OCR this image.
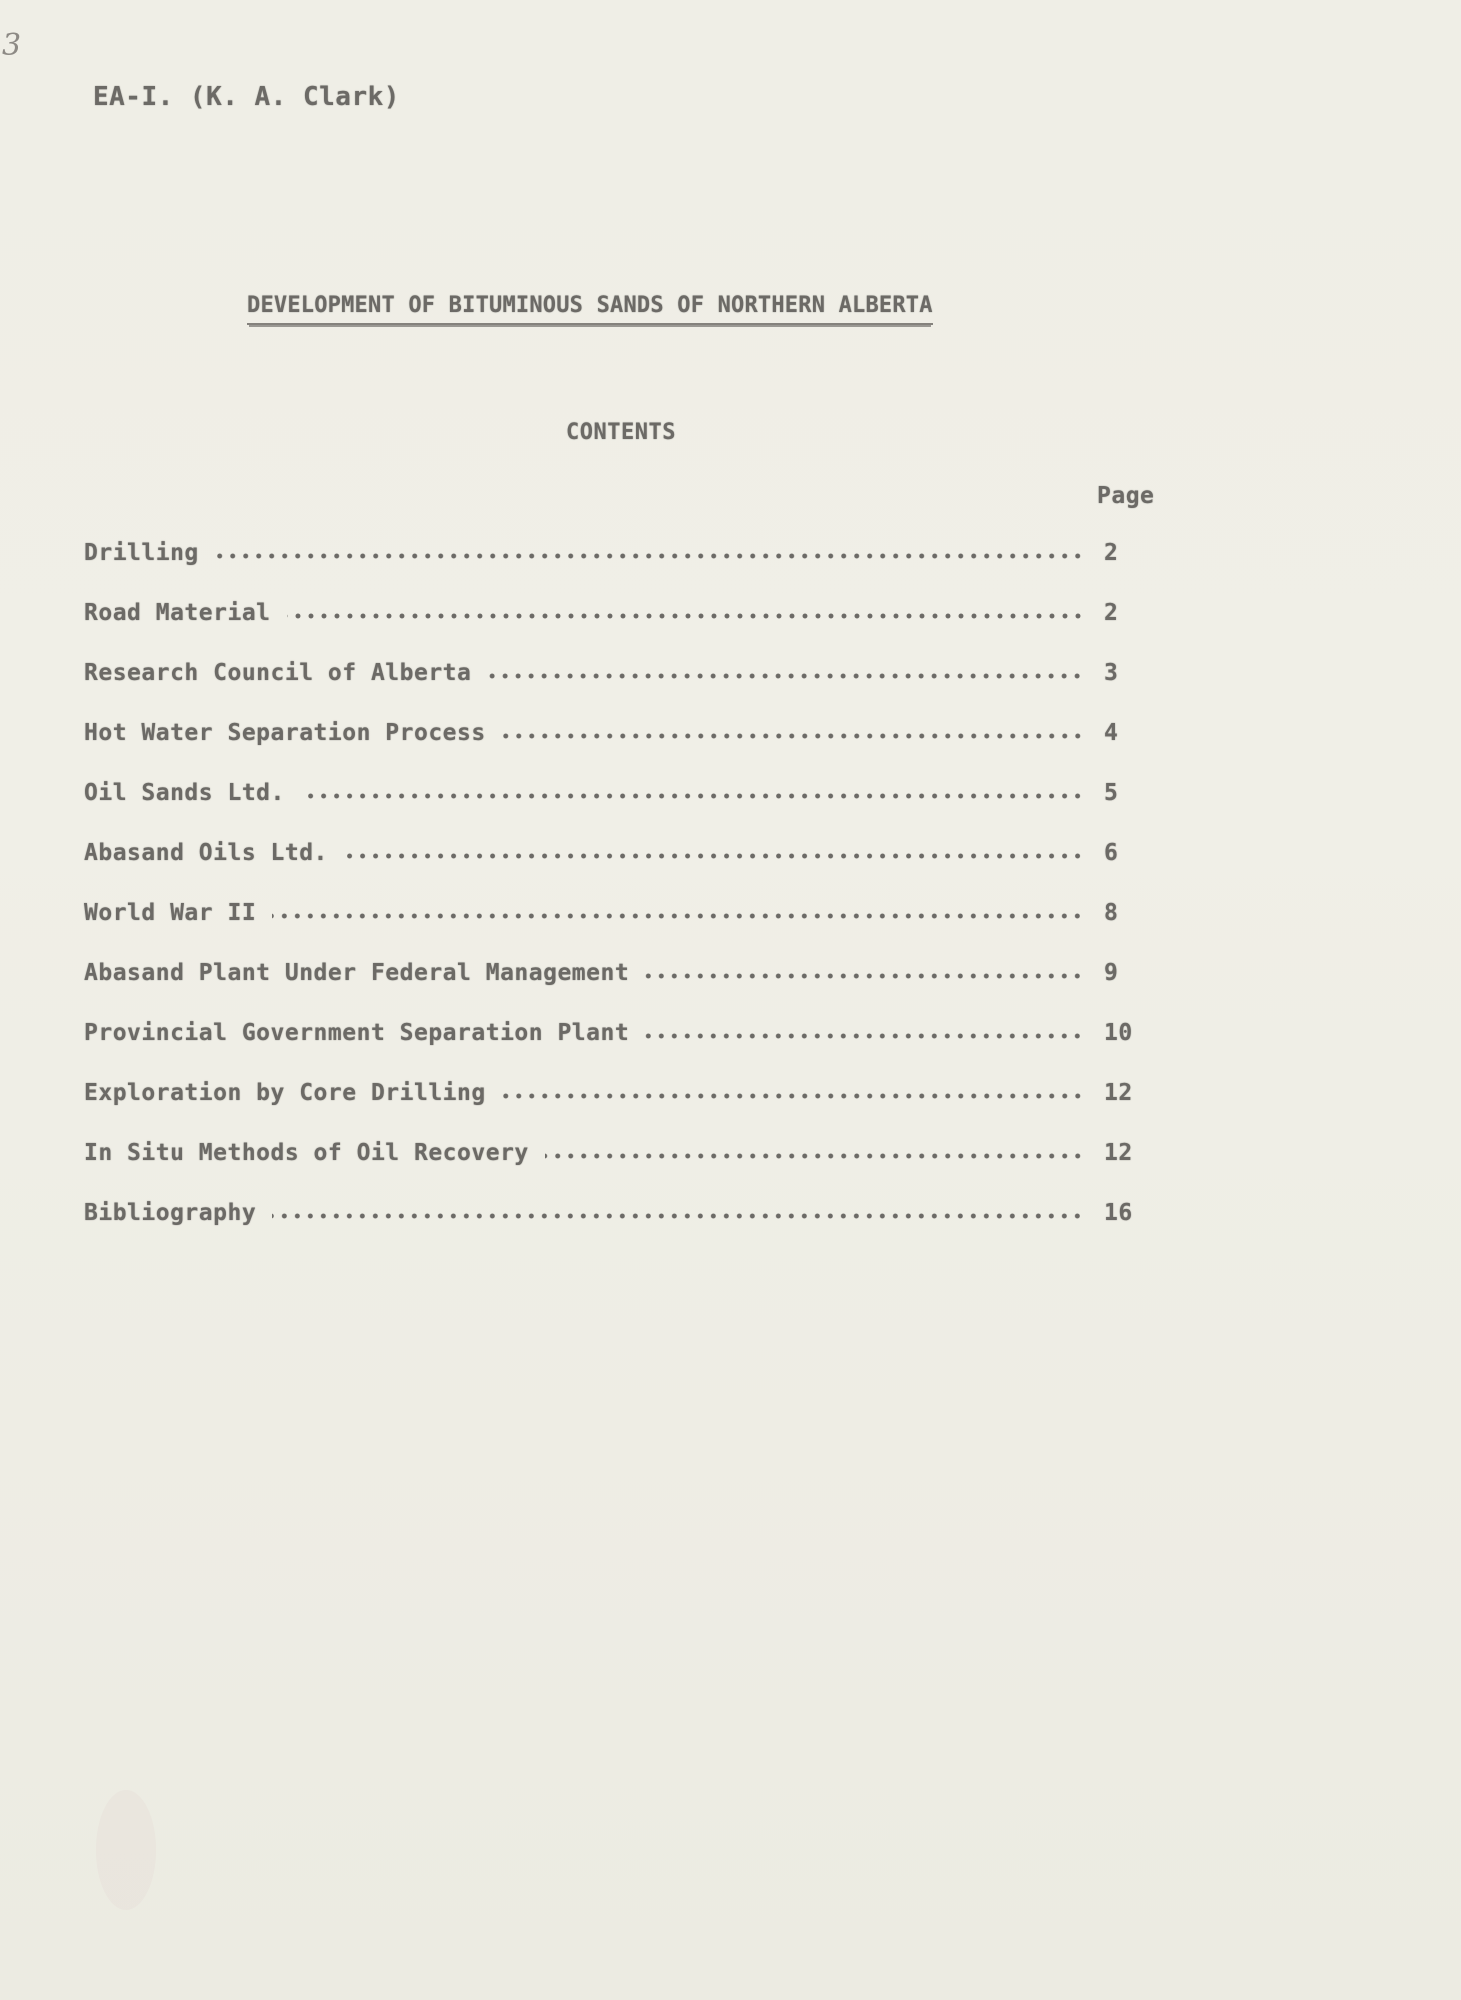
3
EA-I. (K. A. Clark)
DEVELOPMENT OF BITUMINOUS SANDS OF NORTHERN ALBERTA
CONTENTS
Page
Drilling	2
Road Material	2
Research Council of Alberta	3
Hot Water Separation Process	4
Oil Sands Ltd.	5
Abasand Oils Ltd.	6
World War II	8
Abasand Plant Under Federal Management	9
Provincial Government Separation Plant	10
Exploration by Core Drilling	12
In Situ Methods of Oil Recovery	12
Bibliography	16
